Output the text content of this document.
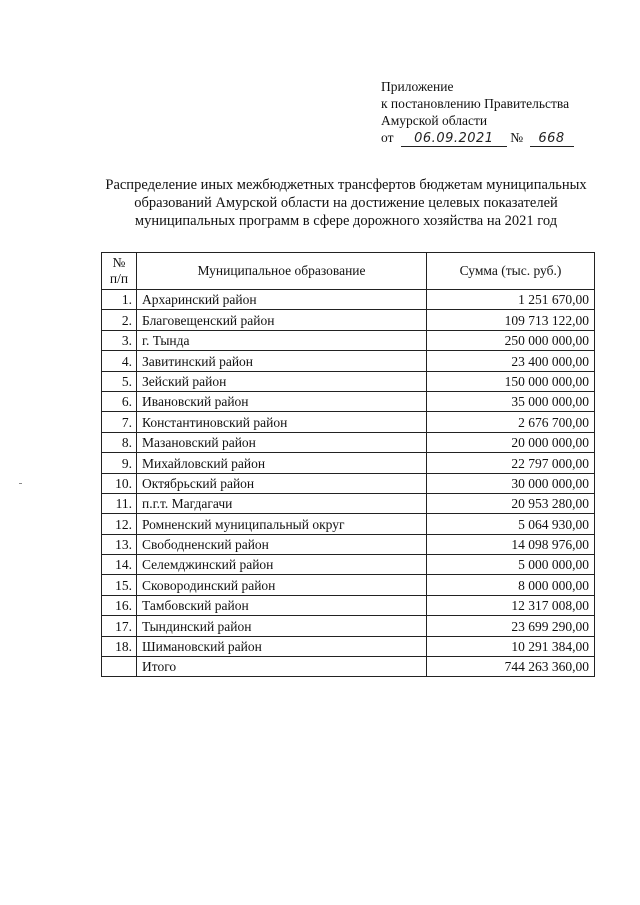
Приложение
к постановлению Правительства
Амурской области
от 06.09.2021 № 668
Распределение иных межбюджетных трансфертов бюджетам муниципальных
образований Амурской области на достижение целевых показателей
муниципальных программ в сфере дорожного хозяйства на 2021 год
№
п/п	Муниципальное образование	Сумма (тыс. руб.)
1.	Архаринский район	1 251 670,00
2.	Благовещенский район	109 713 122,00
3.	г. Тында	250 000 000,00
4.	Завитинский район	23 400 000,00
5.	Зейский район	150 000 000,00
6.	Ивановский район	35 000 000,00
7.	Константиновский район	2 676 700,00
8.	Мазановский район	20 000 000,00
9.	Михайловский район	22 797 000,00
10.	Октябрьский район	30 000 000,00
11.	п.г.т. Магдагачи	20 953 280,00
12.	Ромненский муниципальный округ	5 064 930,00
13.	Свободненский район	14 098 976,00
14.	Селемджинский район	5 000 000,00
15.	Сковородинский район	8 000 000,00
16.	Тамбовский район	12 317 008,00
17.	Тындинский район	23 699 290,00
18.	Шимановский район	10 291 384,00
	Итого	744 263 360,00
